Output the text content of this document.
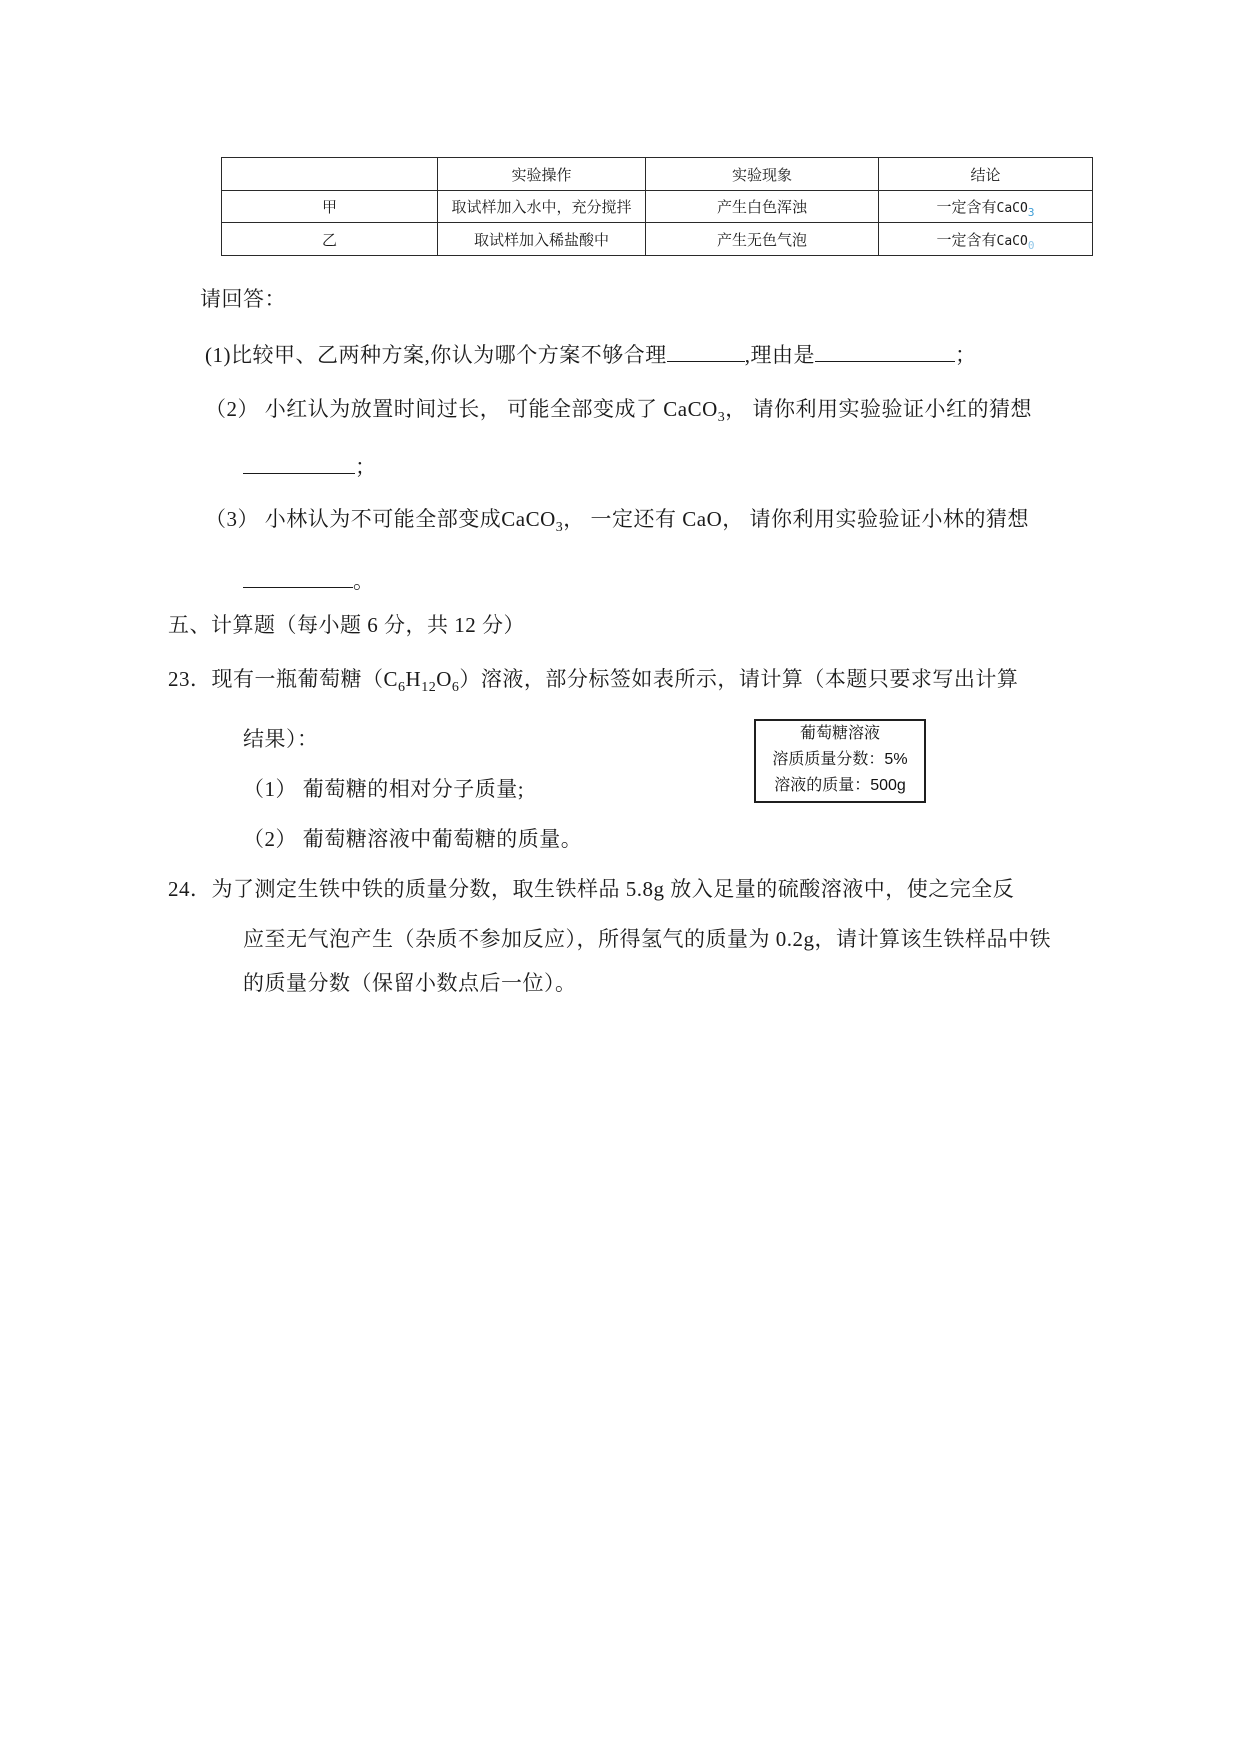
	实验操作	实验现象	结论
甲	取试样加入水中，充分搅拌	产生白色浑浊	一定含有CaCO$_3$
乙	取试样加入稀盐酸中	产生无色气泡	一定含有CaCO$_0$
请回答：
(1)比较甲、乙两种方案,你认为哪个方案不够合理	,理由是	；
（2） 小红认为放置时间过长， 可能全部变成了 CaCO$_3$， 请你利用实验验证小红的猜想
；
（3） 小林认为不可能全部变成CaCO$_3$， 一定还有 CaO， 请你利用实验验证小林的猜想
。
五、计算题（每小题 6 分，共 12 分）
23．现有一瓶葡萄糖$(C_6H_{12}O_6)$溶液，部分标签如表所示，请计算（本题只要求写出计算
结果）：	葡萄糖溶液
溶质质量分数：5%
溶液的质量：500g
（1） 葡萄糖的相对分子质量;
（2） 葡萄糖溶液中葡萄糖的质量。
24．为了测定生铁中铁的质量分数，取生铁样品 5.8g 放入足量的硫酸溶液中，使之完全反
应至无气泡产生（杂质不参加反应），所得氢气的质量为 0.2g，请计算该生铁样品中铁
的质量分数（保留小数点后一位）。
